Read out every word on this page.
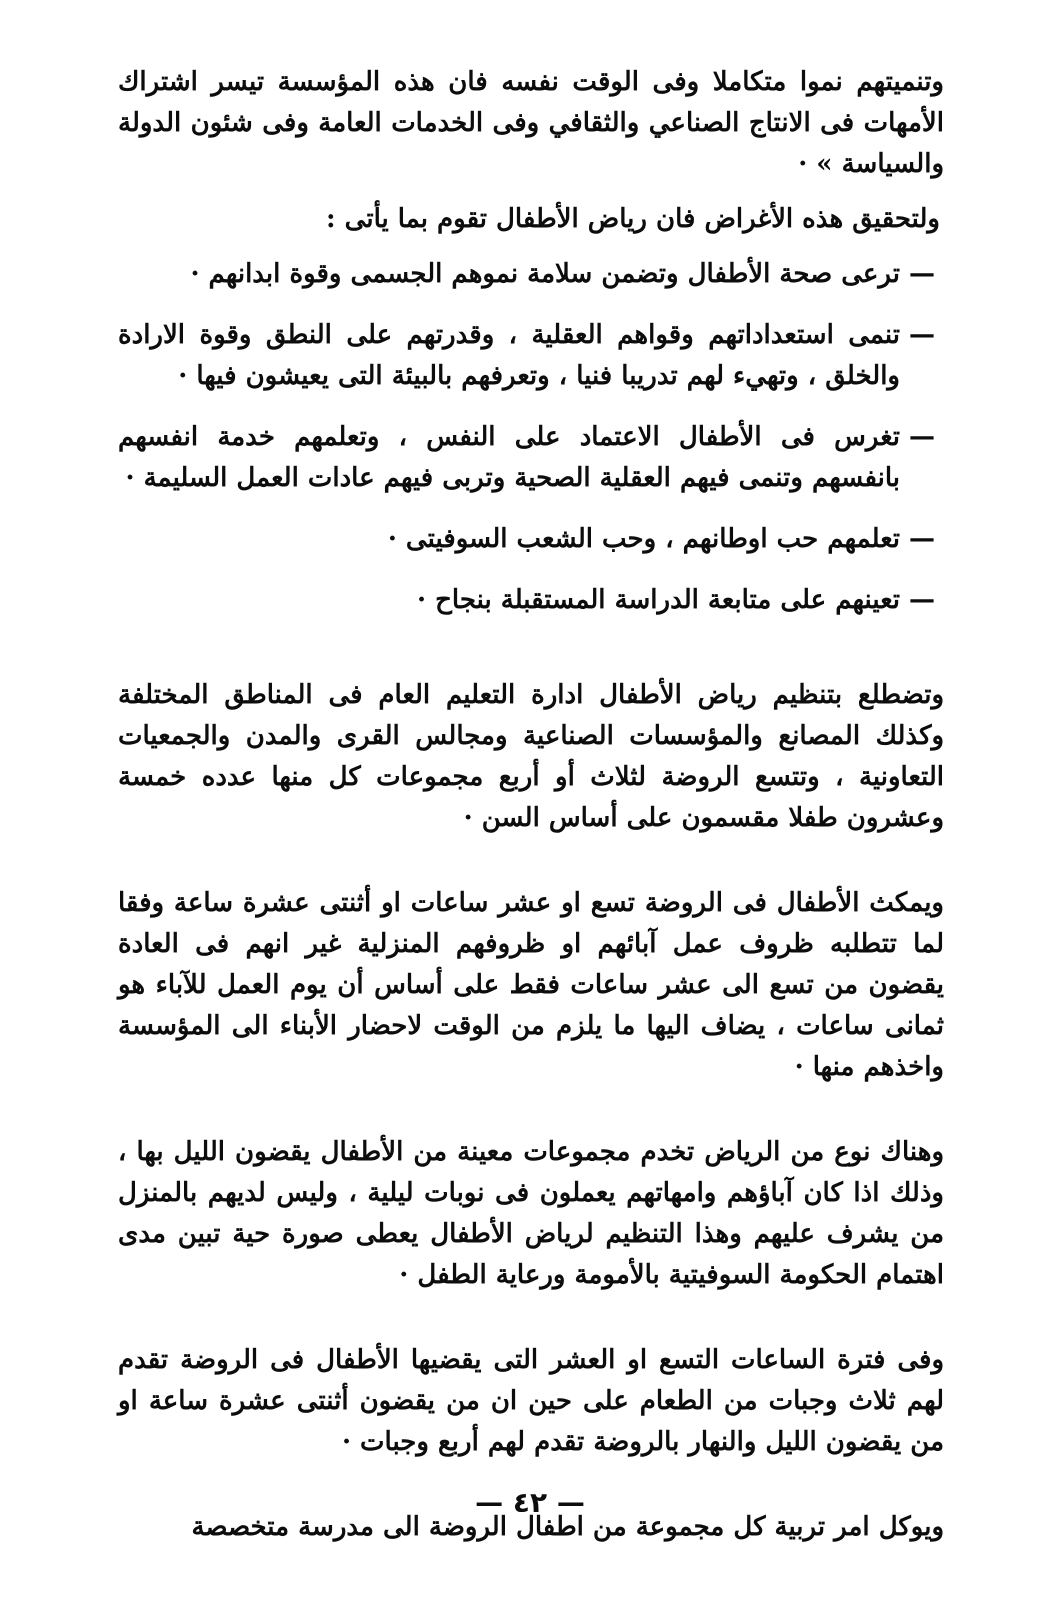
وتنميتهم نموا متكاملا وفى الوقت نفسه فان هذه المؤسسة تيسر اشتراك الأمهات فى الانتاج الصناعي والثقافي وفى الخدمات العامة وفى شئون الدولة والسياسة » ·

ولتحقيق هذه الأغراض فان رياض الأطفال تقوم بما يأتى :

—
ترعى صحة الأطفال وتضمن سلامة نموهم الجسمى وقوة ابدانهم ·
—
تنمى استعداداتهم وقواهم العقلية ، وقدرتهم على النطق وقوة الارادة والخلق ، وتهيء لهم تدريبا فنيا ، وتعرفهم بالبيئة التى يعيشون فيها ·
—
تغرس فى الأطفال الاعتماد على النفس ، وتعلمهم خدمة انفسهم بانفسهم وتنمى فيهم العقلية الصحية وتربى فيهم عادات العمل السليمة ·
—
تعلمهم حب اوطانهم ، وحب الشعب السوفيتى ·
—
تعينهم على متابعة الدراسة المستقبلة بنجاح ·

وتضطلع بتنظيم رياض الأطفال ادارة التعليم العام فى المناطق المختلفة وكذلك المصانع والمؤسسات الصناعية ومجالس القرى والمدن والجمعيات التعاونية ، وتتسع الروضة لثلاث أو أربع مجموعات كل منها عدده خمسة وعشرون طفلا مقسمون على أساس السن ·

ويمكث الأطفال فى الروضة تسع او عشر ساعات او أثنتى عشرة ساعة وفقا لما تتطلبه ظروف عمل آبائهم او ظروفهم المنزلية غير انهم فى العادة يقضون من تسع الى عشر ساعات فقط على أساس أن يوم العمل للآباء هو ثمانى ساعات ، يضاف اليها ما يلزم من الوقت لاحضار الأبناء الى المؤسسة واخذهم منها ·

وهناك نوع من الرياض تخدم مجموعات معينة من الأطفال يقضون الليل بها ، وذلك اذا كان آباؤهم وامهاتهم يعملون فى نوبات ليلية ، وليس لديهم بالمنزل من يشرف عليهم وهذا التنظيم لرياض الأطفال يعطى صورة حية تبين مدى اهتمام الحكومة السوفيتية بالأمومة ورعاية الطفل ·

وفى فترة الساعات التسع او العشر التى يقضيها الأطفال فى الروضة تقدم لهم ثلاث وجبات من الطعام على حين ان من يقضون أثنتى عشرة ساعة او من يقضون الليل والنهار بالروضة تقدم لهم أربع وجبات ·

ويوكل امر تربية كل مجموعة من اطفال الروضة الى مدرسة متخصصة

— ٤٢ —
